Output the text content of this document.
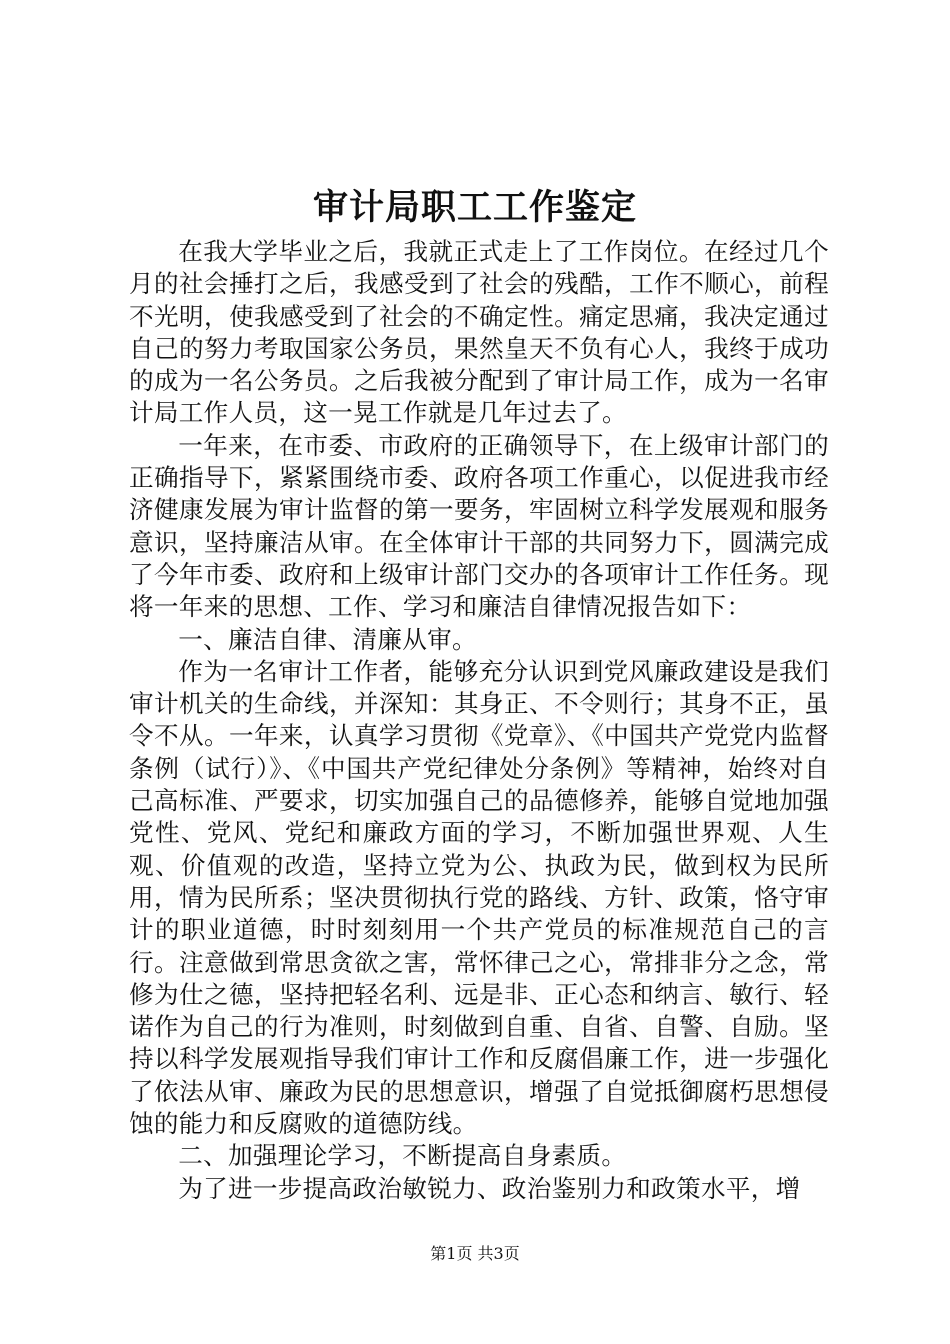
审计局职工工作鉴定

在我大学毕业之后，我就正式走上了工作岗位。在经过几个月的社会捶打之后，我感受到了社会的残酷，工作不顺心，前程不光明，使我感受到了社会的不确定性。痛定思痛，我决定通过自己的努力考取国家公务员，果然皇天不负有心人，我终于成功的成为一名公务员。之后我被分配到了审计局工作，成为一名审计局工作人员，这一晃工作就是几年过去了。

一年来，在市委、市政府的正确领导下，在上级审计部门的正确指导下，紧紧围绕市委、政府各项工作重心，以促进我市经济健康发展为审计监督的第一要务，牢固树立科学发展观和服务意识，坚持廉洁从审。在全体审计干部的共同努力下，圆满完成了今年市委、政府和上级审计部门交办的各项审计工作任务。现将一年来的思想、工作、学习和廉洁自律情况报告如下：

一、廉洁自律、清廉从审。

作为一名审计工作者，能够充分认识到党风廉政建设是我们审计机关的生命线，并深知：其身正、不令则行；其身不正，虽令不从。一年来，认真学习贯彻《党章》、《中国共产党党内监督条例（试行）》、《中国共产党纪律处分条例》等精神，始终对自己高标准、严要求，切实加强自己的品德修养，能够自觉地加强党性、党风、党纪和廉政方面的学习，不断加强世界观、人生观、价值观的改造，坚持立党为公、执政为民，做到权为民所用，情为民所系；坚决贯彻执行党的路线、方针、政策，恪守审计的职业道德，时时刻刻用一个共产党员的标准规范自己的言行。注意做到常思贪欲之害，常怀律己之心，常排非分之念，常修为仕之德，坚持把轻名利、远是非、正心态和纳言、敏行、轻诺作为自己的行为准则，时刻做到自重、自省、自警、自励。坚持以科学发展观指导我们审计工作和反腐倡廉工作，进一步强化了依法从审、廉政为民的思想意识，增强了自觉抵御腐朽思想侵蚀的能力和反腐败的道德防线。

二、加强理论学习，不断提高自身素质。

为了进一步提高政治敏锐力、政治鉴别力和政策水平，增

第1页 共3页
